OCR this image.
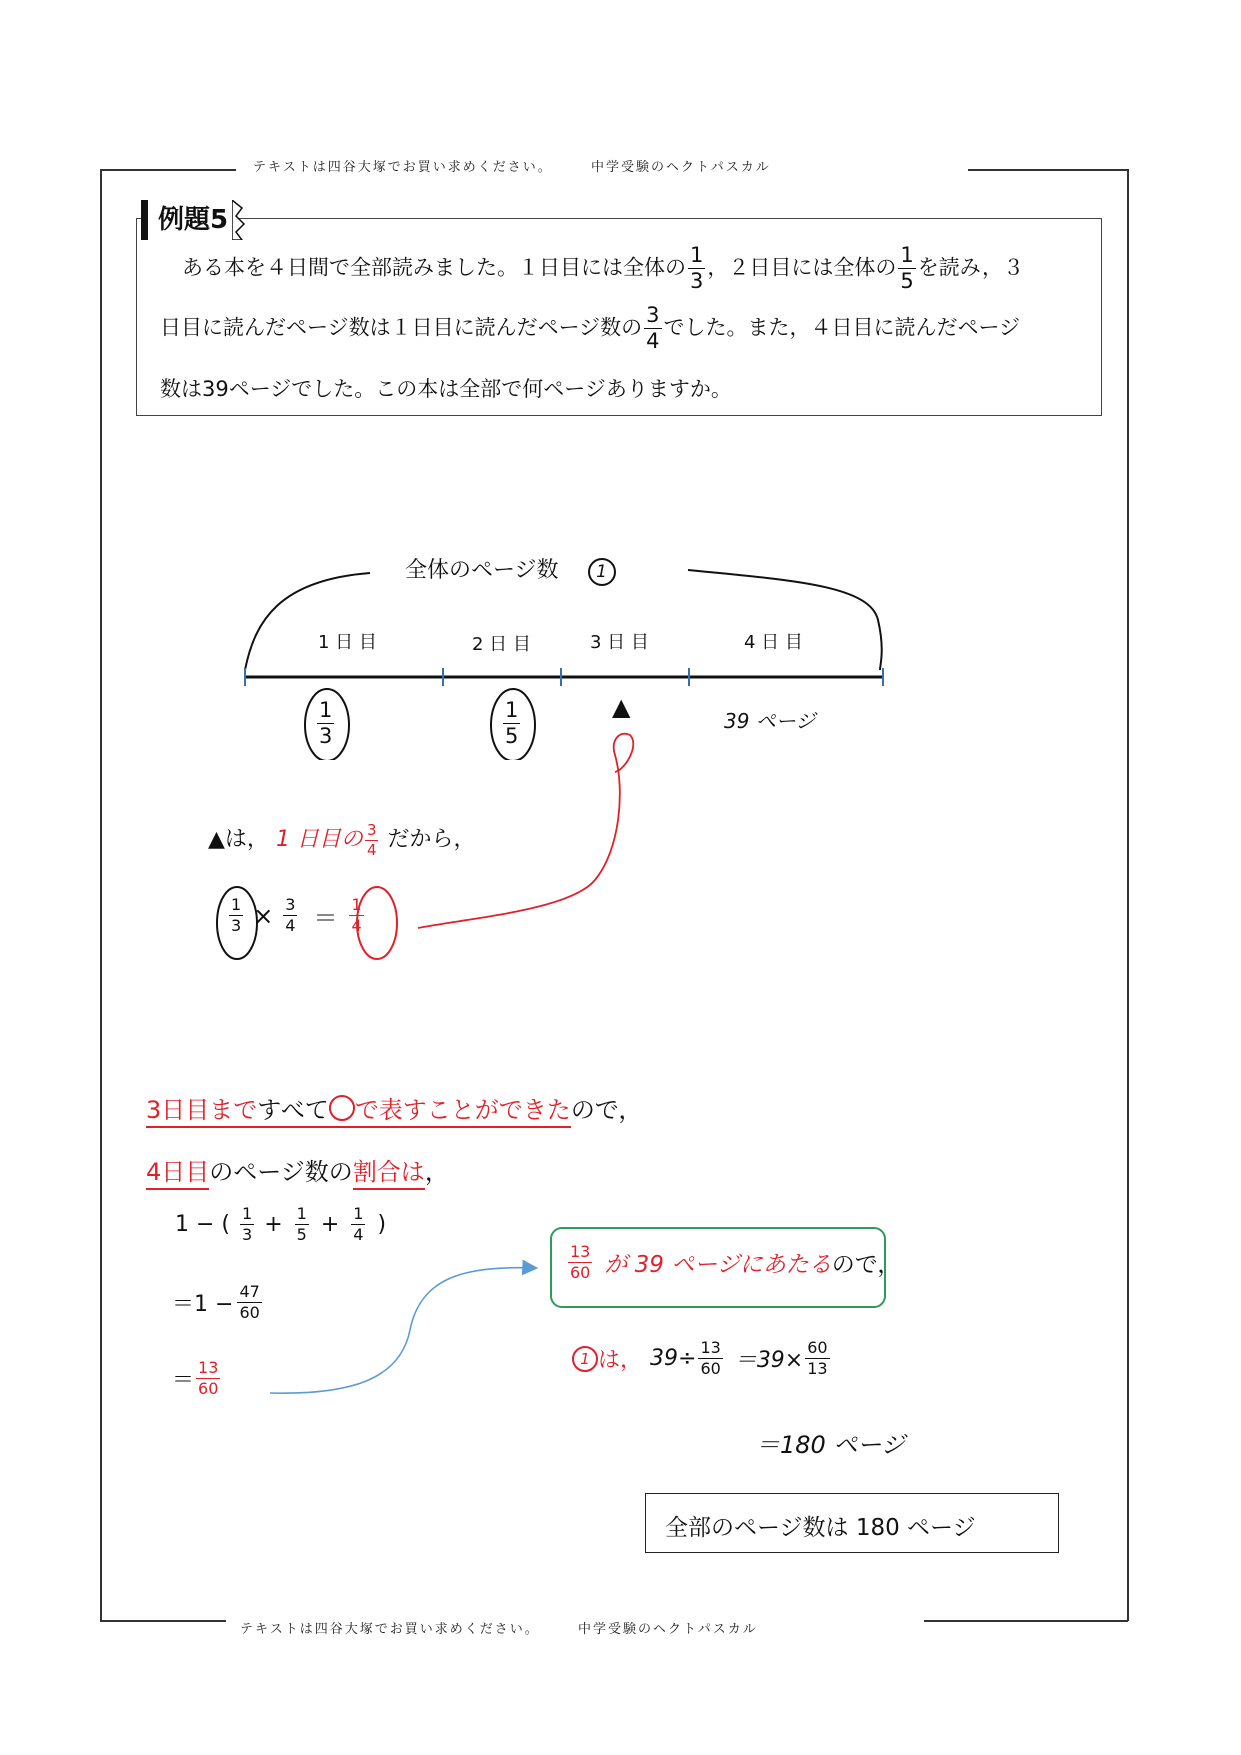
テキストは四谷大塚でお買い求めください。	中学受験のヘクトパスカル
テキストは四谷大塚でお買い求めください。	中学受験のヘクトパスカル
例題5
ある本を４日間で全部読みました。１日目には全体の $\frac{1}{3}$ ，２日目には全体の $\frac{1}{5}$ を読み，３
日目に読んだページ数は１日目に読んだページ数の $\frac{3}{4}$ でした。また，４日目に読んだページ
数は39ページでした。この本は全部で何ページありますか。
全体のページ数 1
1 日 目	2 日 目	3 日 目	4 日 目
$\frac{1}{3}$	$\frac{1}{5}$	▲	39 ページ
▲は， 1 日目の $\frac{3}{4}$ だから，
$\frac{1}{3} \times \frac{3}{4} = \frac{1}{4}$
3日目まですべて で表すことができたので，
4日目のページ数の割合は，
1 − ( $\frac{1}{3} + \frac{1}{5} + \frac{1}{4}$ )
$=1 - \frac{47}{60}$
＝ $\frac{13}{60}$
$\frac{13}{60}$ が 39 ページにあたる ので，
1 は， $39\div \frac{13}{60} =39\times \frac{60}{13}$
＝180 ページ
全部のページ数は 180 ページ
